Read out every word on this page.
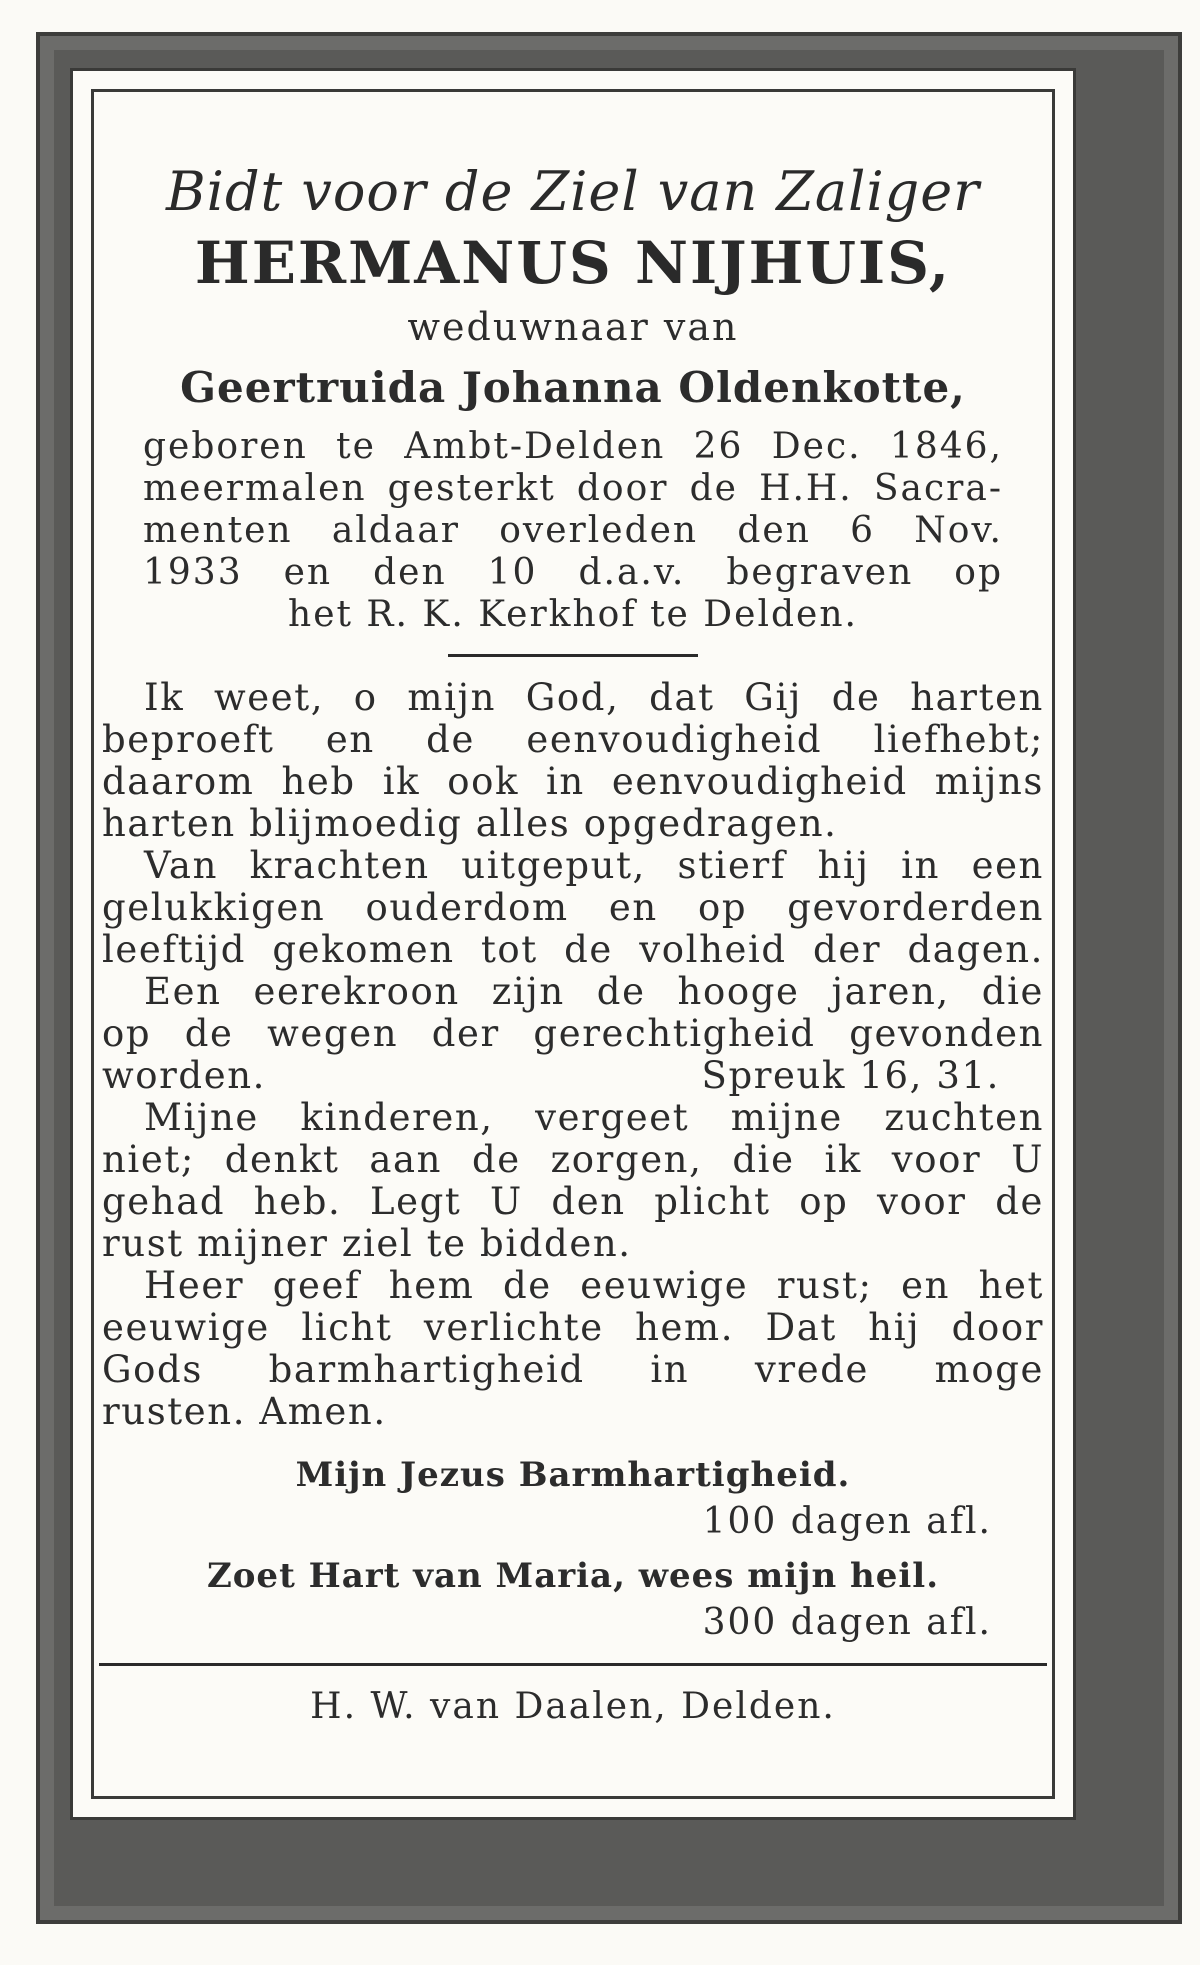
Bidt voor de Ziel van Zaliger
HERMANUS NIJHUIS,
weduwnaar van
Geertruida Johanna Oldenkotte,
geboren te Ambt-Delden 26 Dec. 1846,
meermalen gesterkt door de H.H. Sacra-
menten aldaar overleden den 6 Nov.
1933 en den 10 d.a.v. begraven op
het R. K. Kerkhof te Delden.
Ik weet, o mijn God, dat Gij de harten
beproeft en de eenvoudigheid liefhebt;
daarom heb ik ook in eenvoudigheid mijns
harten blijmoedig alles opgedragen.
Van krachten uitgeput, stierf hij in een
gelukkigen ouderdom en op gevorderden
leeftijd gekomen tot de volheid der dagen.
Een eerekroon zijn de hooge jaren, die
op de wegen der gerechtigheid gevonden
worden.	Spreuk 16, 31.
Mijne kinderen, vergeet mijne zuchten
niet; denkt aan de zorgen, die ik voor U
gehad heb. Legt U den plicht op voor de
rust mijner ziel te bidden.
Heer geef hem de eeuwige rust; en het
eeuwige licht verlichte hem. Dat hij door
Gods barmhartigheid in vrede moge
rusten. Amen.
Mijn Jezus Barmhartigheid.
100 dagen afl.
Zoet Hart van Maria, wees mijn heil.
300 dagen afl.
H. W. van Daalen, Delden.
